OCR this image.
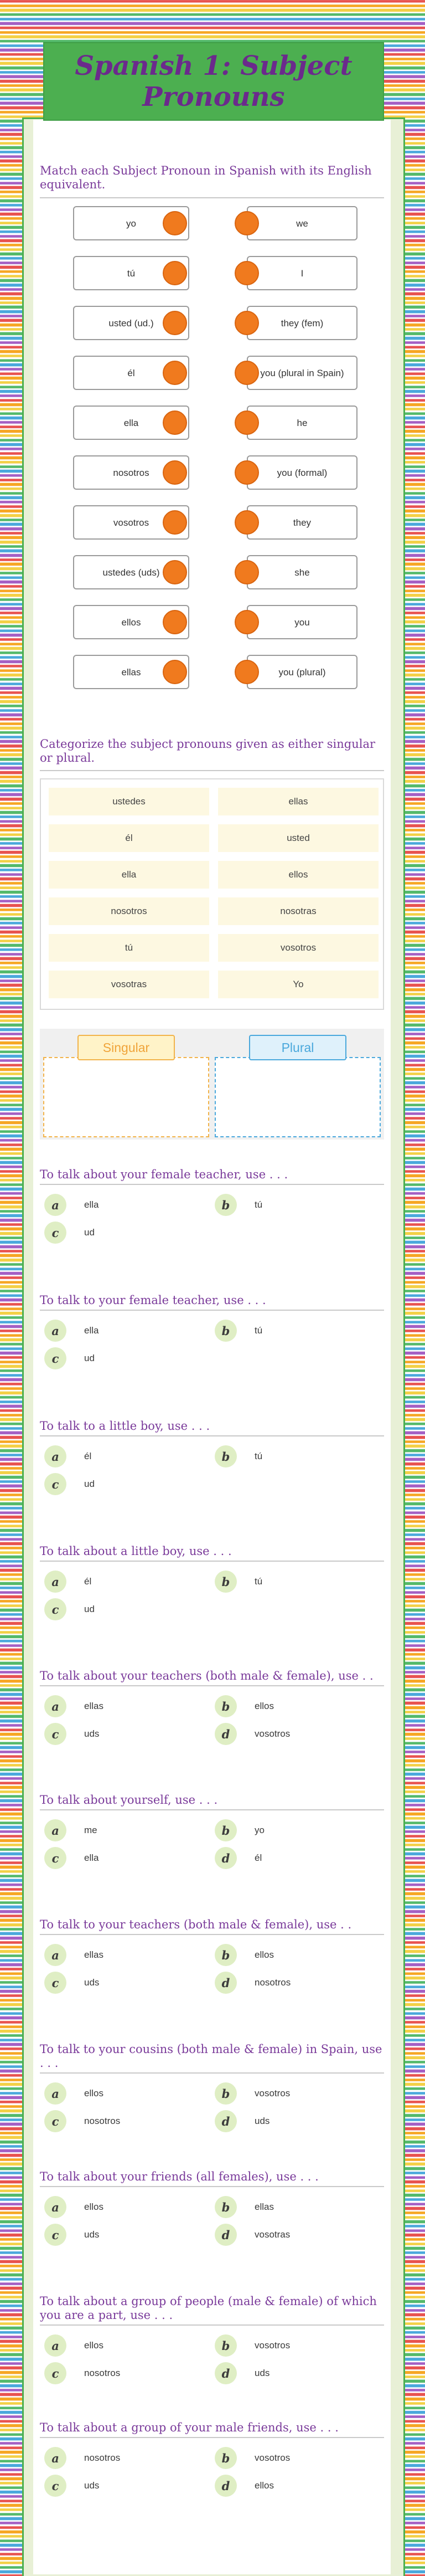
Spanish 1: Subject Pronouns
Match each Subject Pronoun in Spanish with its English equivalent.
yo	we
tú	I
usted (ud.)	they (fem)
él	you (plural in Spain)
ella	he
nosotros	you (formal)
vosotros	they
ustedes (uds)	she
ellos	you
ellas	you (plural)
Categorize the subject pronouns given as either singular or plural.
ustedes	ellas
él	usted
ella	ellos
nosotros	nosotras
tú	vosotros
vosotras	Yo
Singular	Plural
To talk about your female teacher, use . . .
a	ella	b	tú
c	ud
To talk to your female teacher, use . . .
a	ella	b	tú
c	ud
To talk to a little boy, use . . .
a	él	b	tú
c	ud
To talk about a little boy, use . . .
a	él	b	tú
c	ud
To talk about your teachers (both male & female), use . .
a	ellas	b	ellos
c	uds	d	vosotros
To talk about yourself, use . . .
a	me	b	yo
c	ella	d	él
To talk to your teachers (both male & female), use . .
a	ellas	b	ellos
c	uds	d	nosotros
To talk to your cousins (both male & female) in Spain, use . . .
a	ellos	b	vosotros
c	nosotros	d	uds
To talk about your friends (all females), use . . .
a	ellos	b	ellas
c	uds	d	vosotras
To talk about a group of people (male & female) of which you are a part, use . . .
a	ellos	b	vosotros
c	nosotros	d	uds
To talk about a group of your male friends, use . . .
a	nosotros	b	vosotros
c	uds	d	ellos
